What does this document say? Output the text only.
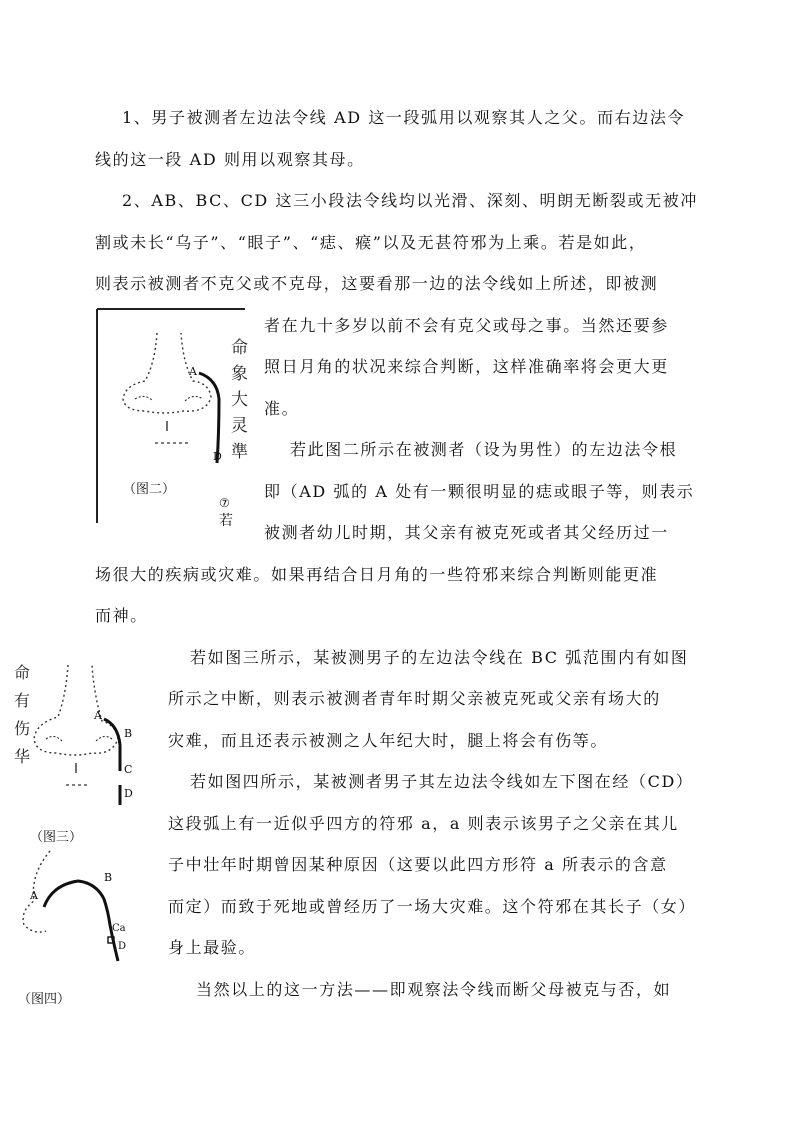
1、男子被测者左边法令线 AD 这一段弧用以观察其人之父。而右边法令
线的这一段 AD 则用以观察其母。
2、AB、BC、CD 这三小段法令线均以光滑、深刻、明朗无断裂或无被冲
割或未长“乌子”、“眼子”、“痣、瘊”以及无甚符邪为上乘。若是如此，
则表示被测者不克父或不克母，这要看那一边的法令线如上所述，即被测
者在九十多岁以前不会有克父或母之事。当然还要参
照日月角的状况来综合判断，这样准确率将会更大更
准。
若此图二所示在被测者（设为男性）的左边法令根
即（AD 弧的 A 处有一颗很明显的痣或眼子等，则表示
被测者幼儿时期，其父亲有被克死或者其父经历过一
场很大的疾病或灾难。如果再结合日月角的一些符邪来综合判断则能更准
而神。
若如图三所示，某被测男子的左边法令线在 BC 弧范围内有如图
所示之中断，则表示被测者青年时期父亲被克死或父亲有场大的
灾难，而且还表示被测之人年纪大时，腿上将会有伤等。
若如图四所示，某被测者男子其左边法令线如左下图在经（CD）
这段弧上有一近似乎四方的符邪 a，a 则表示该男子之父亲在其儿
子中壮年时期曾因某种原因（这要以此四方形符 a 所表示的含意
而定）而致于死地或曾经历了一场大灾难。这个符邪在其长子（女）
身上最验。
当然以上的这一方法——即观察法令线而断父母被克与否，如
A
D
（图二）
⑦
若
命象大灵準
A
B
C
D
（图三）
命有伤华
A
B
Ca
D
（图四）
